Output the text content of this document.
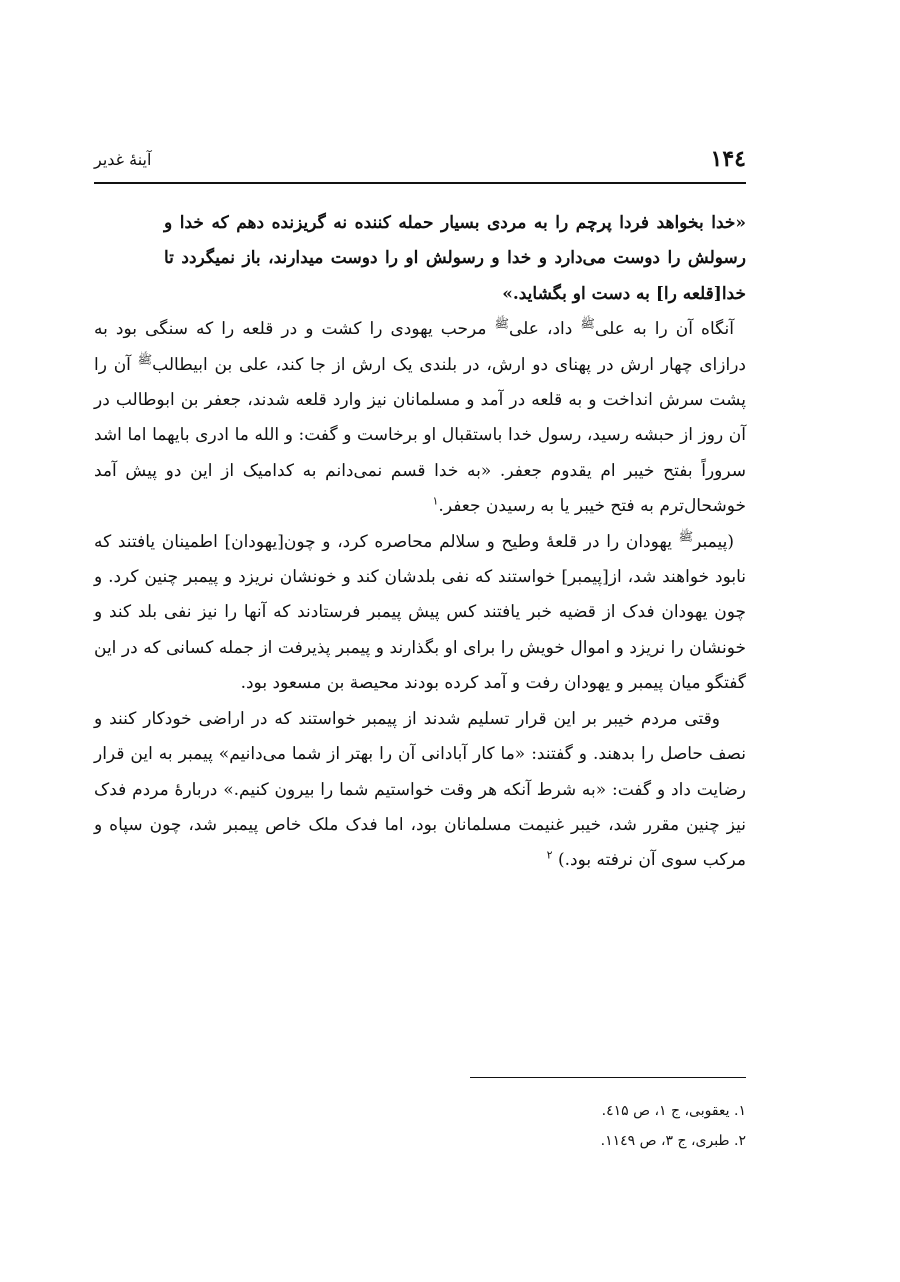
۱۴٤
آینهٔ غدیر

«خدا بخواهد فردا پرچم را به مردی بسیار حمله کننده نه گریزنده دهم که خدا و رسولش را دوست می‌دارد و خدا و رسولش او را دوست میدارند، باز نمیگردد تا خدا[قلعه را] به دست او بگشاید.»

آنگاه آن را به علی$^ﷺ$ داد، علی$^ﷺ$ مرحب یهودی را کشت و در قلعه را که سنگی بود به درازای چهار ارش در پهنای دو ارش، در بلندی یک ارش از جا کند، علی بن ابیطالب$^ﷺ$ آن را پشت سرش انداخت و به قلعه در آمد و مسلمانان نیز وارد قلعه شدند، جعفر بن ابوطالب در آن روز از حبشه رسید، رسول خدا باستقبال او برخاست و گفت: و الله ما ادری بایهما اما اشد سروراً بفتح خیبر ام یقدوم جعفر. «به خدا قسم نمی‌دانم به کدامیک از این دو پیش آمد خوشحال‌ترم به فتح خیبر یا به رسیدن جعفر.$^۱$

(پیمبر$^ﷺ$ یهودان را در قلعهٔ وطیح و سلالم محاصره کرد، و چون[یهودان] اطمینان یافتند که نابود خواهند شد، از[پیمبر] خواستند که نفی بلدشان کند و خونشان نریزد و پیمبر چنین کرد. و چون یهودان فدک از قضیه خبر یافتند کس پیش پیمبر فرستادند که آنها را نیز نفی بلد کند و خونشان را نریزد و اموال خویش را برای او بگذارند و پیمبر پذیرفت از جمله کسانی که در این گفتگو میان پیمبر و یهودان رفت و آمد کرده بودند محیصة بن مسعود بود.

وقتی مردم خیبر بر این قرار تسلیم شدند از پیمبر خواستند که در اراضی خودکار کنند و نصف حاصل را بدهند. و گفتند: «ما کار آبادانی آن را بهتر از شما می‌دانیم» پیمبر به این قرار رضایت داد و گفت: «به شرط آنکه هر وقت خواستیم شما را بیرون کنیم.» دربارهٔ مردم فدک نیز چنین مقرر شد، خیبر غنیمت مسلمانان بود، اما فدک ملک خاص پیمبر شد، چون سپاه و مرکب سوی آن نرفته بود.) $^۲$

۱. یعقوبی، ج ۱، ص ٤۱۵.
۲. طبری، ج ۳، ص ۱۱٤۹.
